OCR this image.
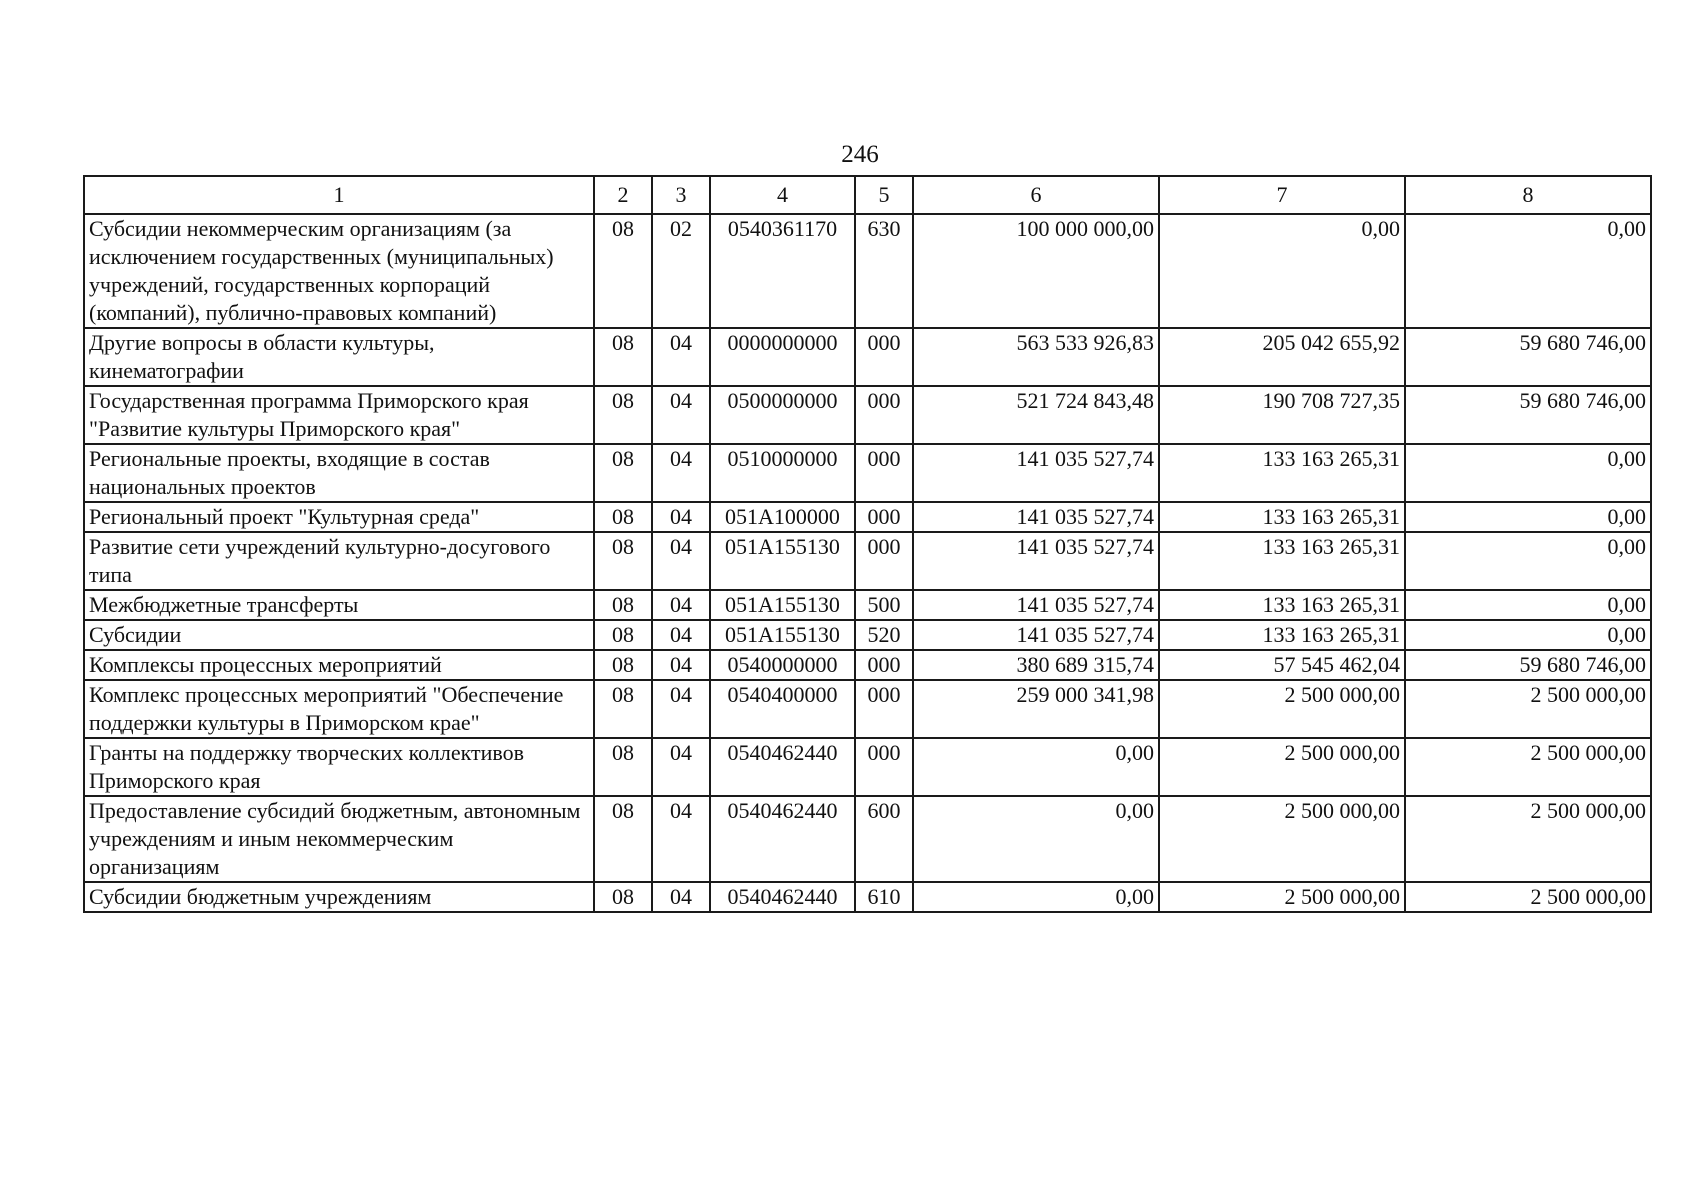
246
1	2	3	4	5	6	7	8
Субсидии некоммерческим организациям (за исключением государственных (муниципальных) учреждений, государственных корпораций (компаний), публично-правовых компаний)	08	02	0540361170	630	100 000 000,00	0,00	0,00
Другие вопросы в области культуры, кинематографии	08	04	0000000000	000	563 533 926,83	205 042 655,92	59 680 746,00
Государственная программа Приморского края "Развитие культуры Приморского края"	08	04	0500000000	000	521 724 843,48	190 708 727,35	59 680 746,00
Региональные проекты, входящие в состав национальных проектов	08	04	0510000000	000	141 035 527,74	133 163 265,31	0,00
Региональный проект "Культурная среда"	08	04	051A100000	000	141 035 527,74	133 163 265,31	0,00
Развитие сети учреждений культурно-досугового типа	08	04	051A155130	000	141 035 527,74	133 163 265,31	0,00
Межбюджетные трансферты	08	04	051A155130	500	141 035 527,74	133 163 265,31	0,00
Субсидии	08	04	051A155130	520	141 035 527,74	133 163 265,31	0,00
Комплексы процессных мероприятий	08	04	0540000000	000	380 689 315,74	57 545 462,04	59 680 746,00
Комплекс процессных мероприятий "Обеспечение поддержки культуры в Приморском крае"	08	04	0540400000	000	259 000 341,98	2 500 000,00	2 500 000,00
Гранты на поддержку творческих коллективов Приморского края	08	04	0540462440	000	0,00	2 500 000,00	2 500 000,00
Предоставление субсидий бюджетным, автономным учреждениям и иным некоммерческим организациям	08	04	0540462440	600	0,00	2 500 000,00	2 500 000,00
Субсидии бюджетным учреждениям	08	04	0540462440	610	0,00	2 500 000,00	2 500 000,00
